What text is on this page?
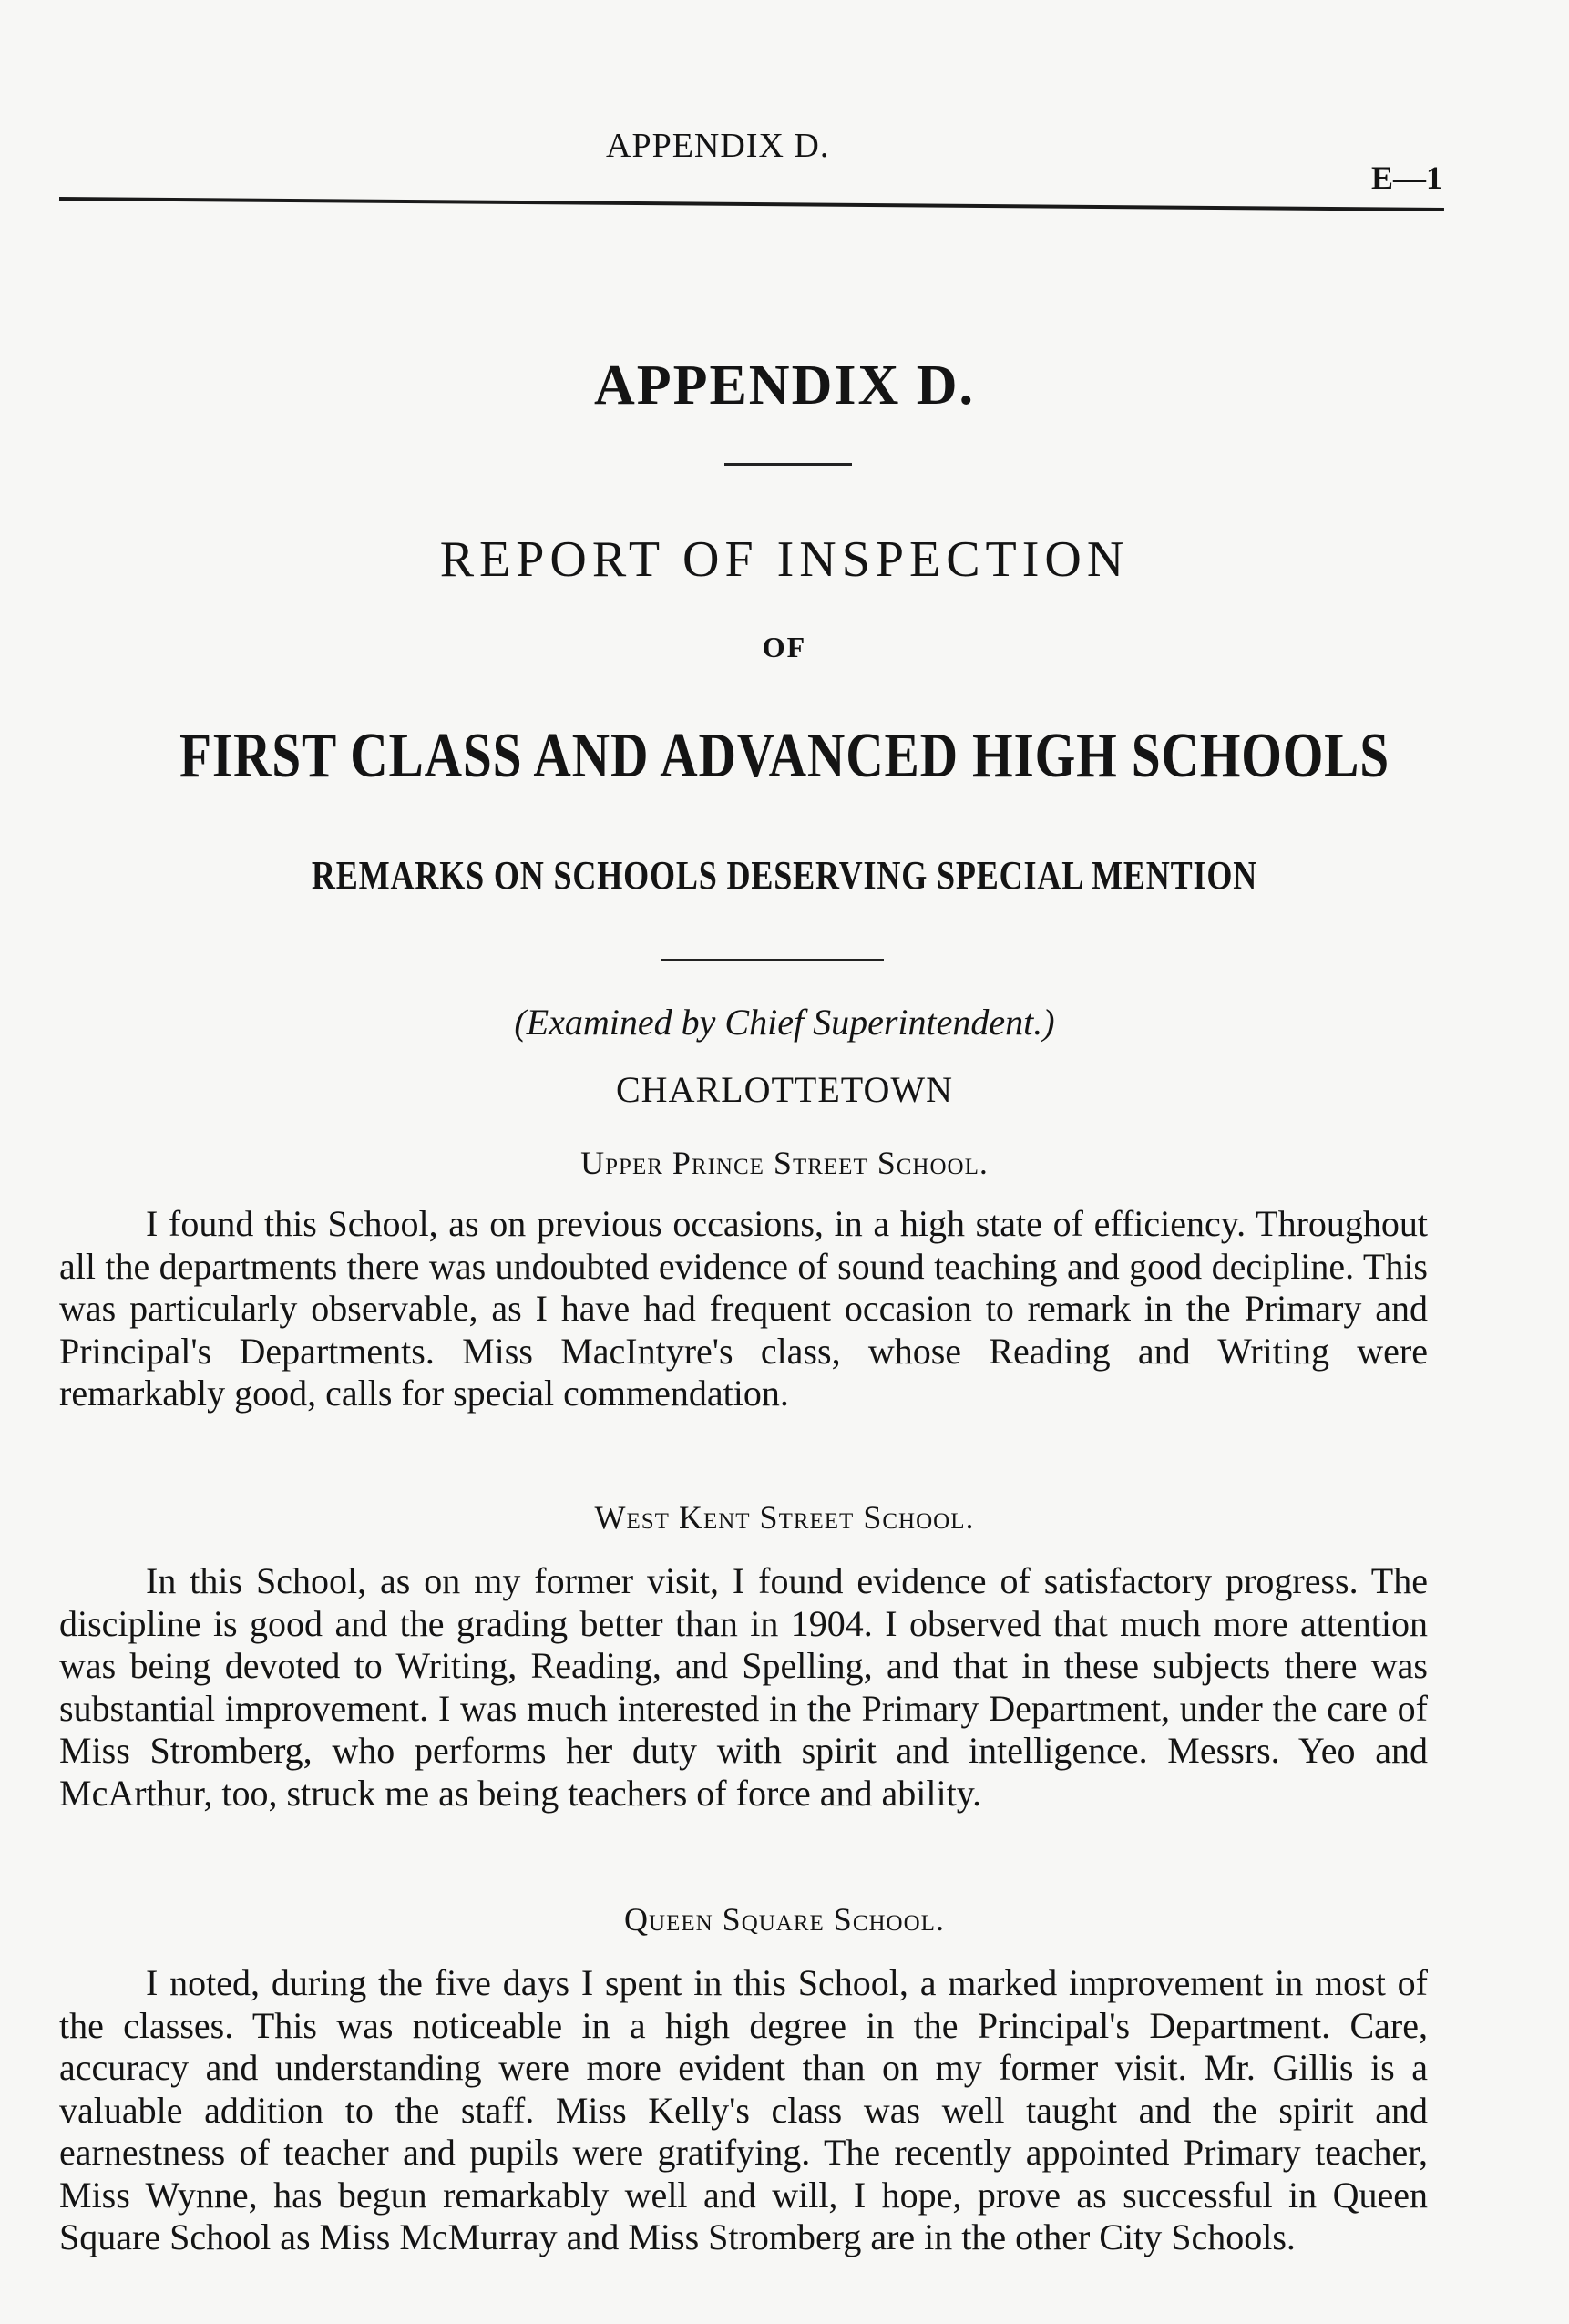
APPENDIX D.
E—1
APPENDIX D.
REPORT OF INSPECTION
OF
FIRST CLASS AND ADVANCED HIGH SCHOOLS
REMARKS ON SCHOOLS DESERVING SPECIAL MENTION
(Examined by Chief Superintendent.)
CHARLOTTETOWN
Upper Prince Street School.
I found this School, as on previous occasions, in a high state of efficiency. Throughout all the departments there was undoubted evidence of sound teaching and good decipline. This was particularly observable, as I have had frequent occasion to remark in the Primary and Principal's Departments. Miss MacIntyre's class, whose Reading and Writing were remarkably good, calls for special commendation.
West Kent Street School.
In this School, as on my former visit, I found evidence of satisfactory progress. The discipline is good and the grading better than in 1904. I observed that much more attention was being devoted to Writing, Reading, and Spelling, and that in these subjects there was substantial improvement. I was much interested in the Primary Department, under the care of Miss Stromberg, who performs her duty with spirit and intelligence. Messrs. Yeo and McArthur, too, struck me as being teachers of force and ability.
Queen Square School.
I noted, during the five days I spent in this School, a marked improvement in most of the classes. This was noticeable in a high degree in the Principal's Department. Care, accuracy and understanding were more evident than on my former visit. Mr. Gillis is a valuable addition to the staff. Miss Kelly's class was well taught and the spirit and earnestness of teacher and pupils were gratifying. The recently appointed Primary teacher, Miss Wynne, has begun remarkably well and will, I hope, prove as successful in Queen Square School as Miss McMurray and Miss Stromberg are in the other City Schools.
